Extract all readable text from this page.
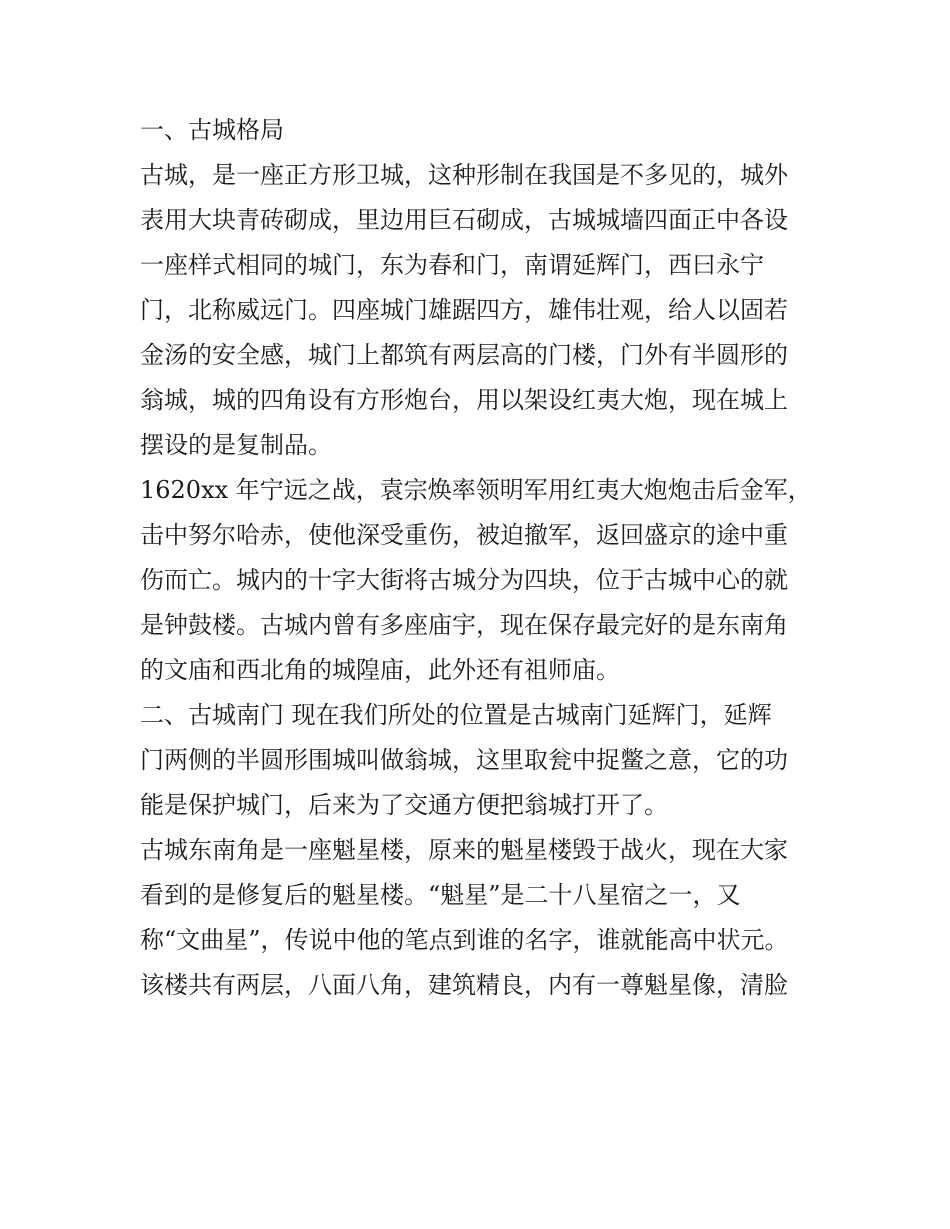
一、古城格局
古城，是一座正方形卫城，这种形制在我国是不多见的，城外
表用大块青砖砌成，里边用巨石砌成，古城城墙四面正中各设
一座样式相同的城门，东为春和门，南谓延辉门，西曰永宁
门，北称威远门。四座城门雄踞四方，雄伟壮观，给人以固若
金汤的安全感，城门上都筑有两层高的门楼，门外有半圆形的
翁城，城的四角设有方形炮台，用以架设红夷大炮，现在城上
摆设的是复制品。
1620xx 年宁远之战，袁宗焕率领明军用红夷大炮炮击后金军，
击中努尔哈赤，使他深受重伤，被迫撤军，返回盛京的途中重
伤而亡。城内的十字大街将古城分为四块，位于古城中心的就
是钟鼓楼。古城内曾有多座庙宇，现在保存最完好的是东南角
的文庙和西北角的城隍庙，此外还有祖师庙。
二、古城南门 现在我们所处的位置是古城南门延辉门，延辉
门两侧的半圆形围城叫做翁城，这里取瓮中捉鳖之意，它的功
能是保护城门，后来为了交通方便把翁城打开了。
古城东南角是一座魁星楼，原来的魁星楼毁于战火，现在大家
看到的是修复后的魁星楼。“魁星”是二十八星宿之一，又
称“文曲星”，传说中他的笔点到谁的名字，谁就能高中状元。
该楼共有两层，八面八角，建筑精良，内有一尊魁星像，清脸
